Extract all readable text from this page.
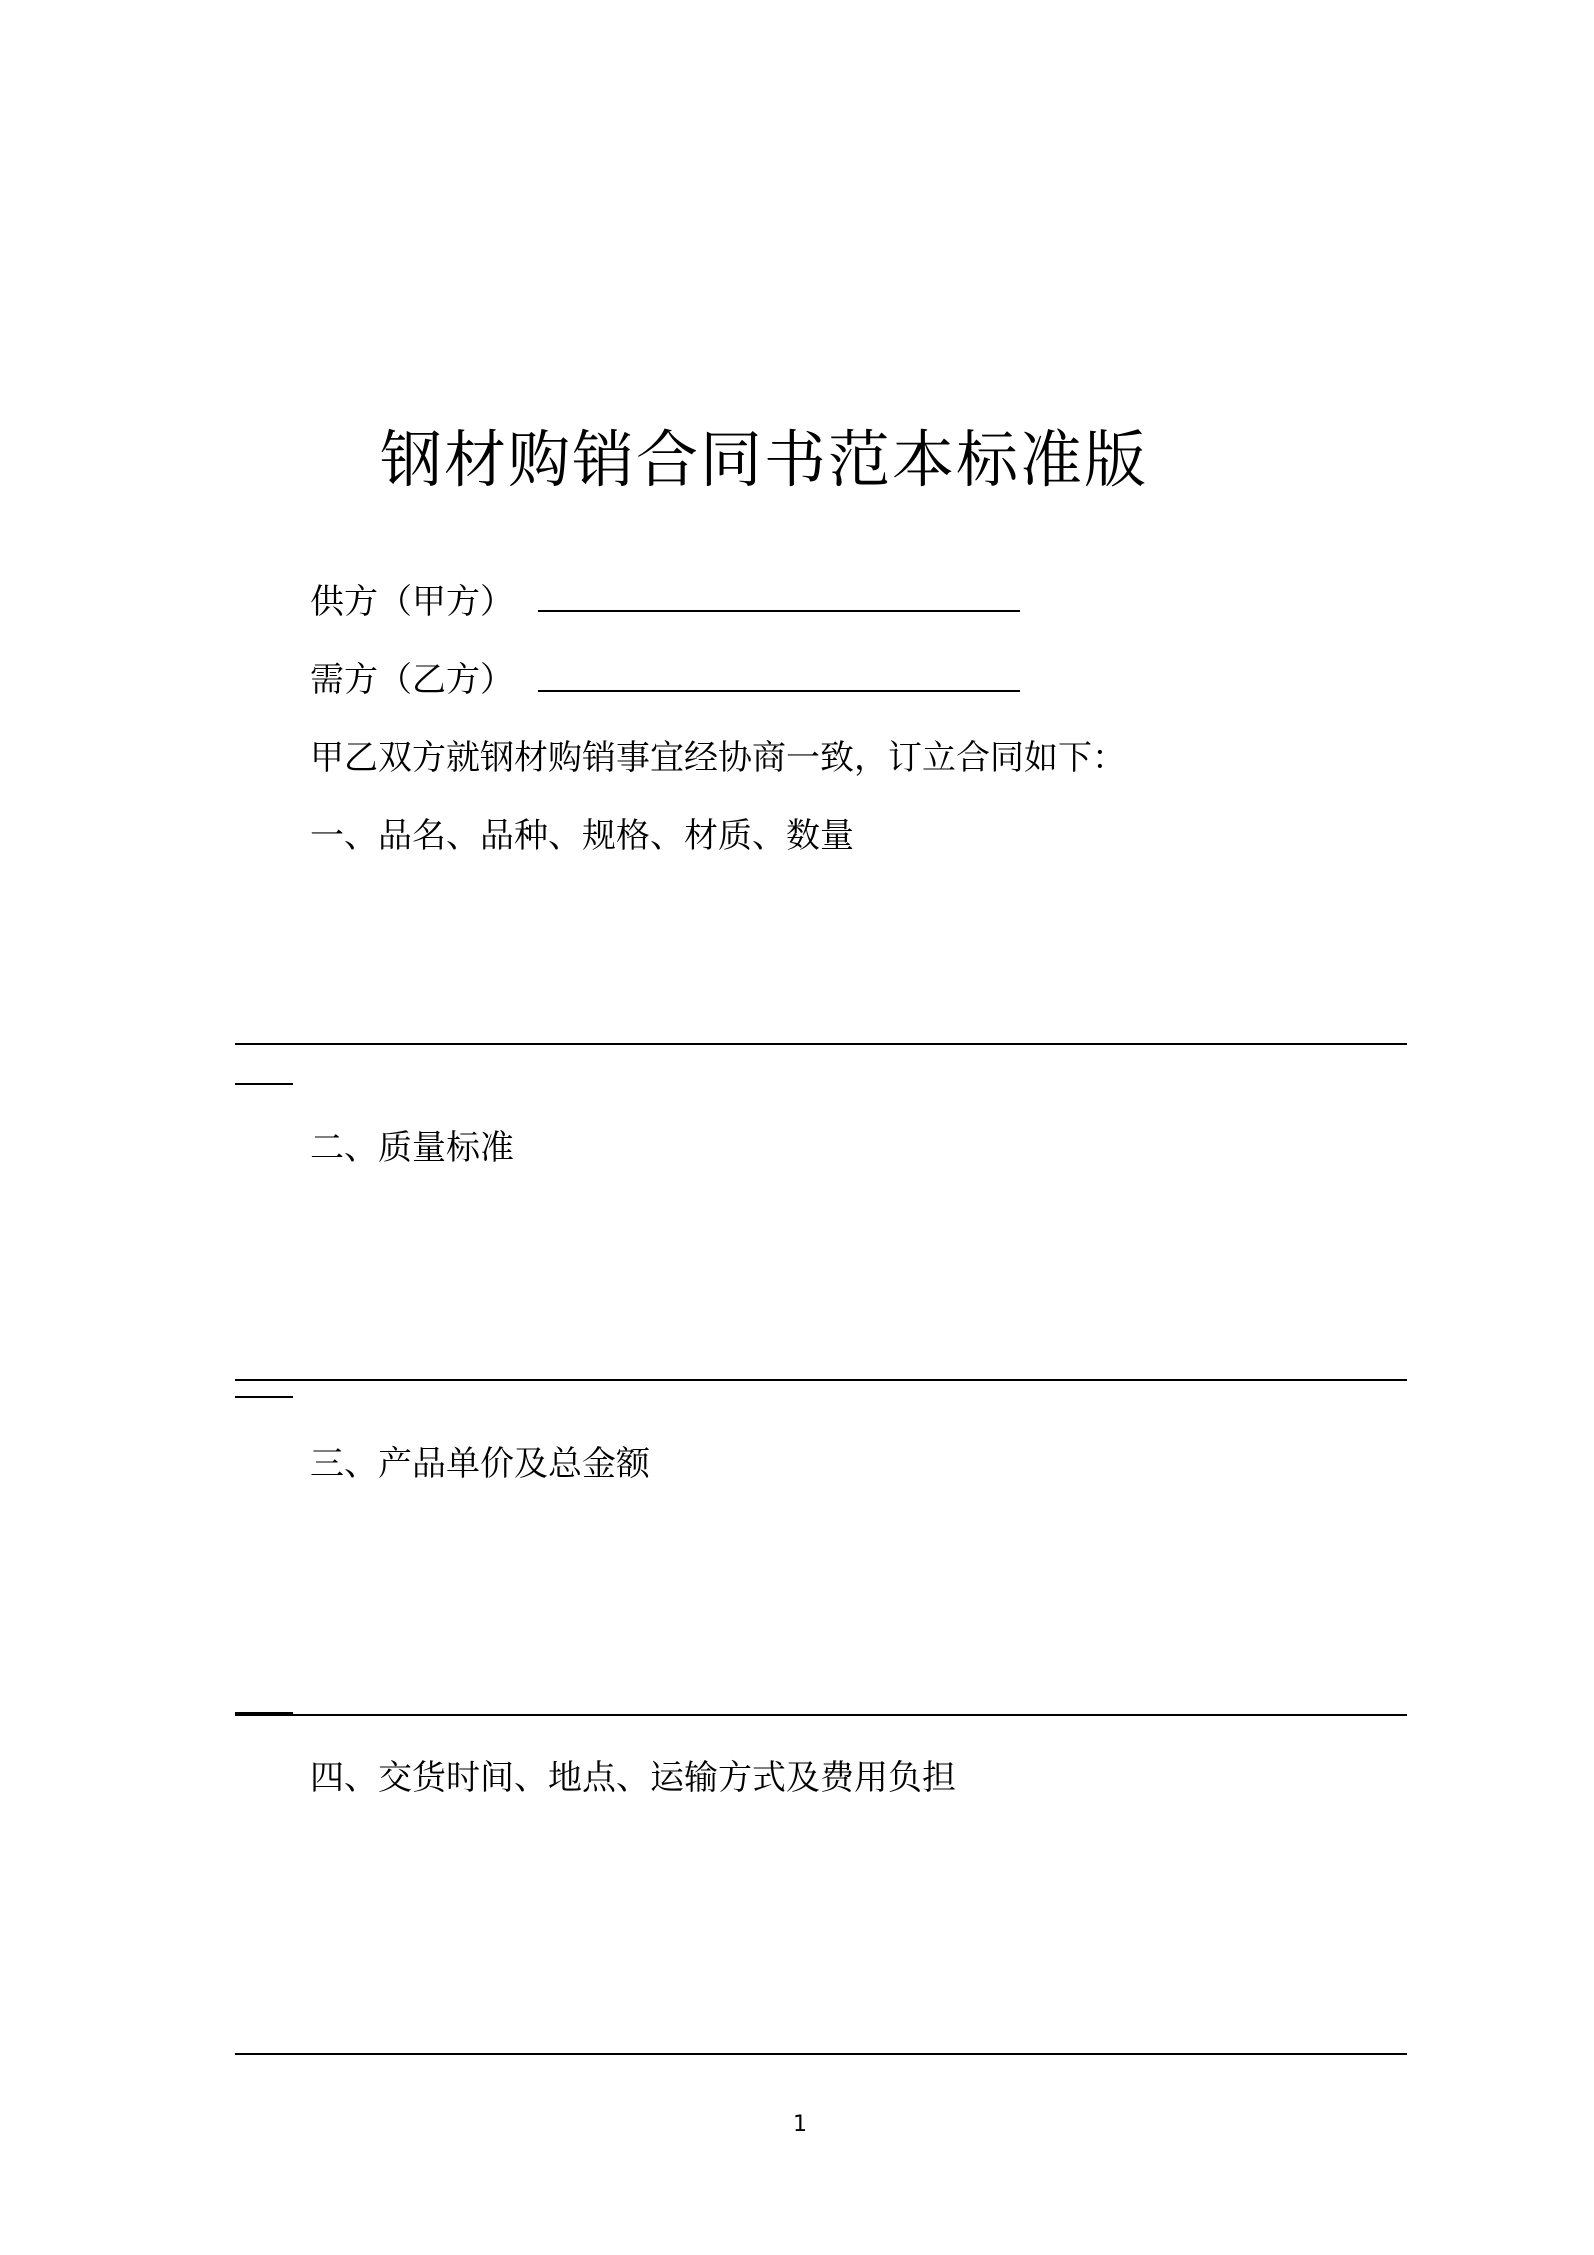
钢材购销合同书范本标准版
供方（甲方）
需方（乙方）
甲乙双方就钢材购销事宜经协商一致，订立合同如下：
一、品名、品种、规格、材质、数量
二、质量标准
三、产品单价及总金额
四、交货时间、地点、运输方式及费用负担
1
